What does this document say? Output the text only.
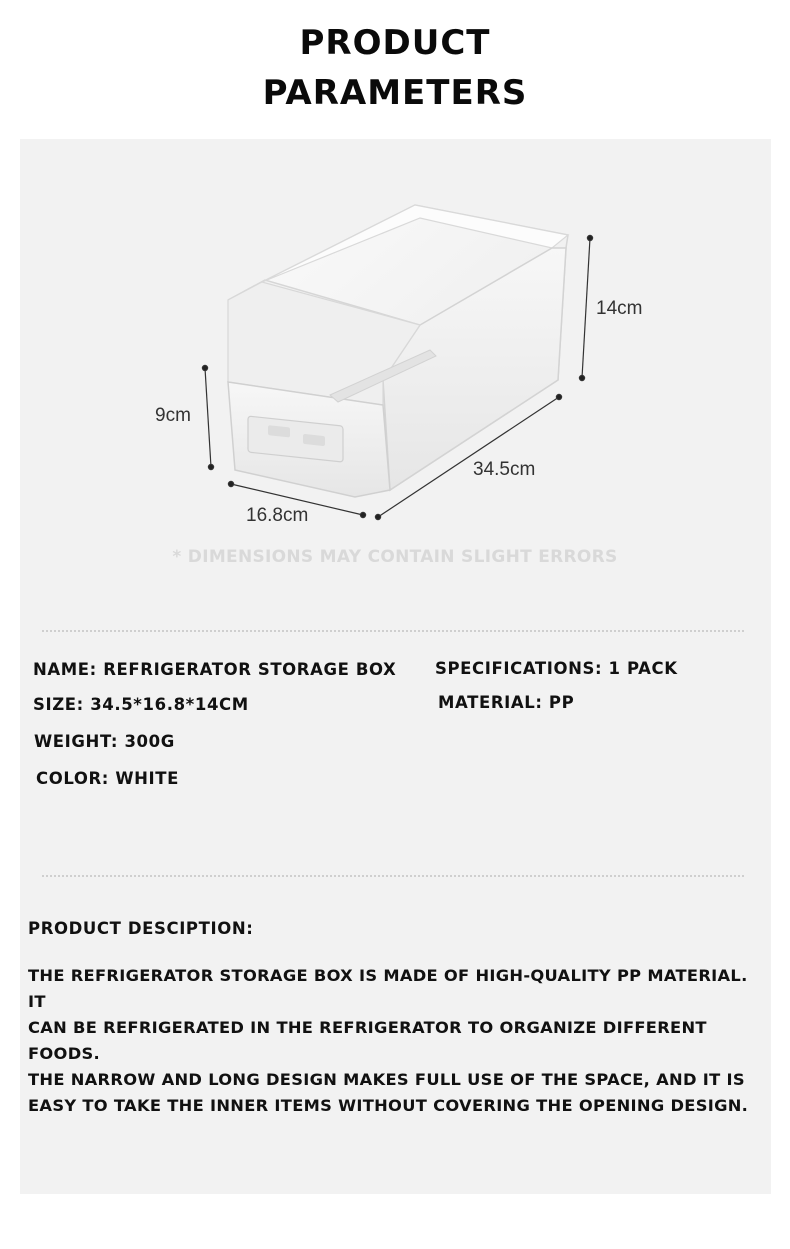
PRODUCT
PARAMETERS
14cm
9cm
34.5cm
16.8cm
* DIMENSIONS MAY CONTAIN SLIGHT ERRORS
NAME: REFRIGERATOR STORAGE BOX
SIZE: 34.5*16.8*14CM
WEIGHT: 300G
COLOR: WHITE
SPECIFICATIONS: 1 PACK
MATERIAL: PP
PRODUCT DESCIPTION:
THE REFRIGERATOR STORAGE BOX IS MADE OF HIGH-QUALITY PP MATERIAL. IT
CAN BE REFRIGERATED IN THE REFRIGERATOR TO ORGANIZE DIFFERENT FOODS.
THE NARROW AND LONG DESIGN MAKES FULL USE OF THE SPACE, AND IT IS
EASY TO TAKE THE INNER ITEMS WITHOUT COVERING THE OPENING DESIGN.
